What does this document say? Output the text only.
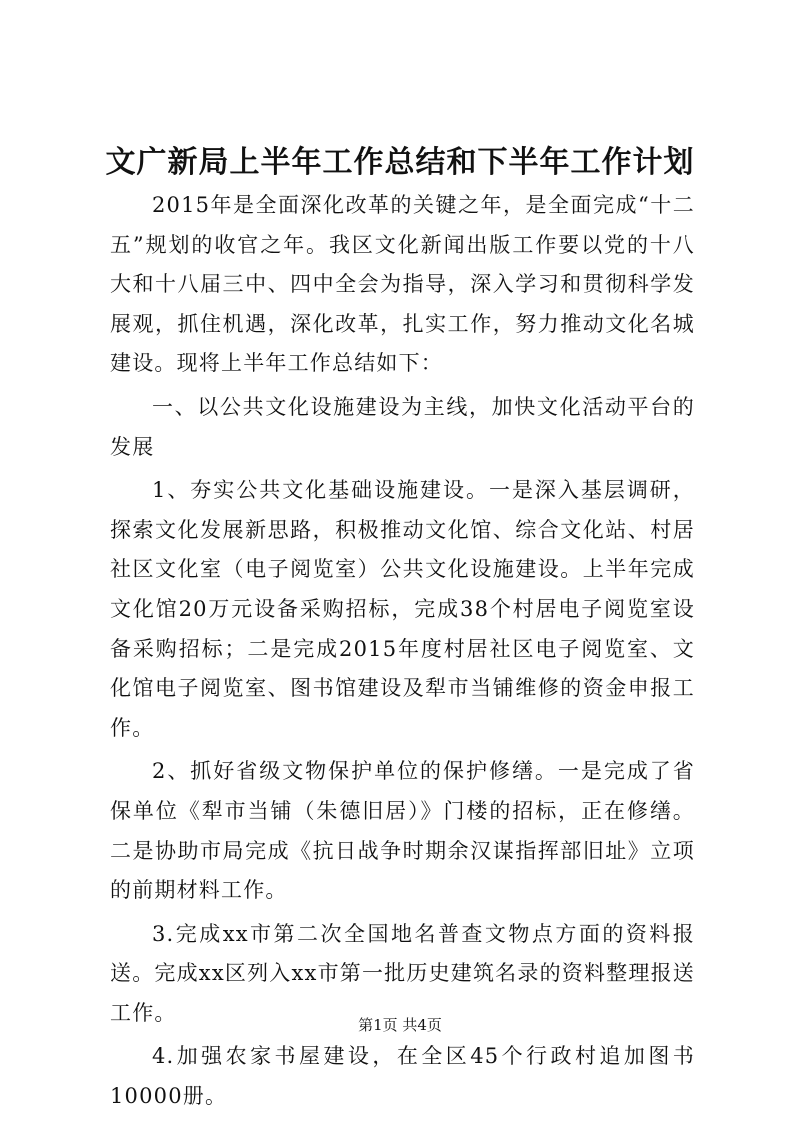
文广新局上半年工作总结和下半年工作计划

2015年是全面深化改革的关键之年，是全面完成“十二五”规划的收官之年。我区文化新闻出版工作要以党的十八大和十八届三中、四中全会为指导，深入学习和贯彻科学发展观，抓住机遇，深化改革，扎实工作，努力推动文化名城建设。现将上半年工作总结如下：

一、以公共文化设施建设为主线，加快文化活动平台的发展

1、夯实公共文化基础设施建设。一是深入基层调研，探索文化发展新思路，积极推动文化馆、综合文化站、村居社区文化室（电子阅览室）公共文化设施建设。上半年完成文化馆20万元设备采购招标，完成38个村居电子阅览室设备采购招标；二是完成2015年度村居社区电子阅览室、文化馆电子阅览室、图书馆建设及犁市当铺维修的资金申报工作。

2、抓好省级文物保护单位的保护修缮。一是完成了省保单位《犁市当铺（朱德旧居）》门楼的招标，正在修缮。二是协助市局完成《抗日战争时期余汉谋指挥部旧址》立项的前期材料工作。

3.完成xx市第二次全国地名普查文物点方面的资料报送。完成xx区列入xx市第一批历史建筑名录的资料整理报送工作。

4.加强农家书屋建设，在全区45个行政村追加图书10000册。

第1页 共4页
